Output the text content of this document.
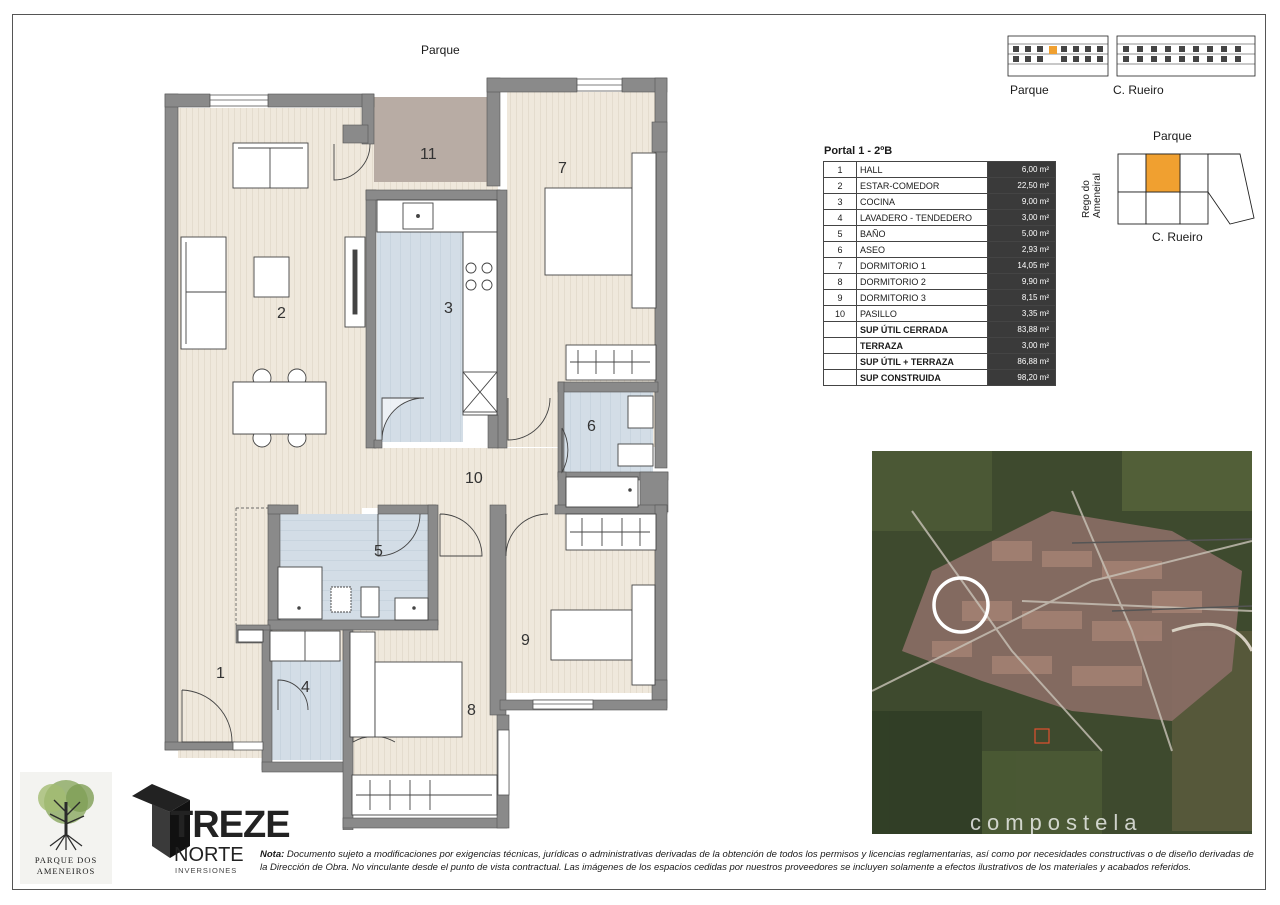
Parque
11
7
2	3
6
10
5
9
1
4
8
Parque	C. Rueiro
Parque
Rego do Ameneiral
C. Rueiro
Portal 1 - 2ºB
1	HALL	6,00 m²
2	ESTAR-COMEDOR	22,50 m²
3	COCINA	9,00 m²
4	LAVADERO - TENDEDERO	3,00 m²
5	BAÑO	5,00 m²
6	ASEO	2,93 m²
7	DORMITORIO 1	14,05 m²
8	DORMITORIO 2	9,90 m²
9	DORMITORIO 3	8,15 m²
10	PASILLO	3,35 m²
	SUP ÚTIL CERRADA	83,88 m²
	TERRAZA	3,00 m²
	SUP ÚTIL + TERRAZA	86,88 m²
	SUP CONSTRUIDA	98,20 m²
compostela
PARQUE DOS
AMENEIROS
TREZE
NORTE
INVERSIONES
Nota: Documento sujeto a modificaciones por exigencias técnicas, jurídicas o administrativas derivadas de la obtención de todos los permisos y licencias reglamentarias, así como por necesidades constructivas o de diseño derivadas de la Dirección de Obra. No vinculante desde el punto de vista contractual. Las imágenes de los espacios cedidas por nuestros proveedores se incluyen solamente a efectos ilustrativos de los materiales y acabados referidos.
